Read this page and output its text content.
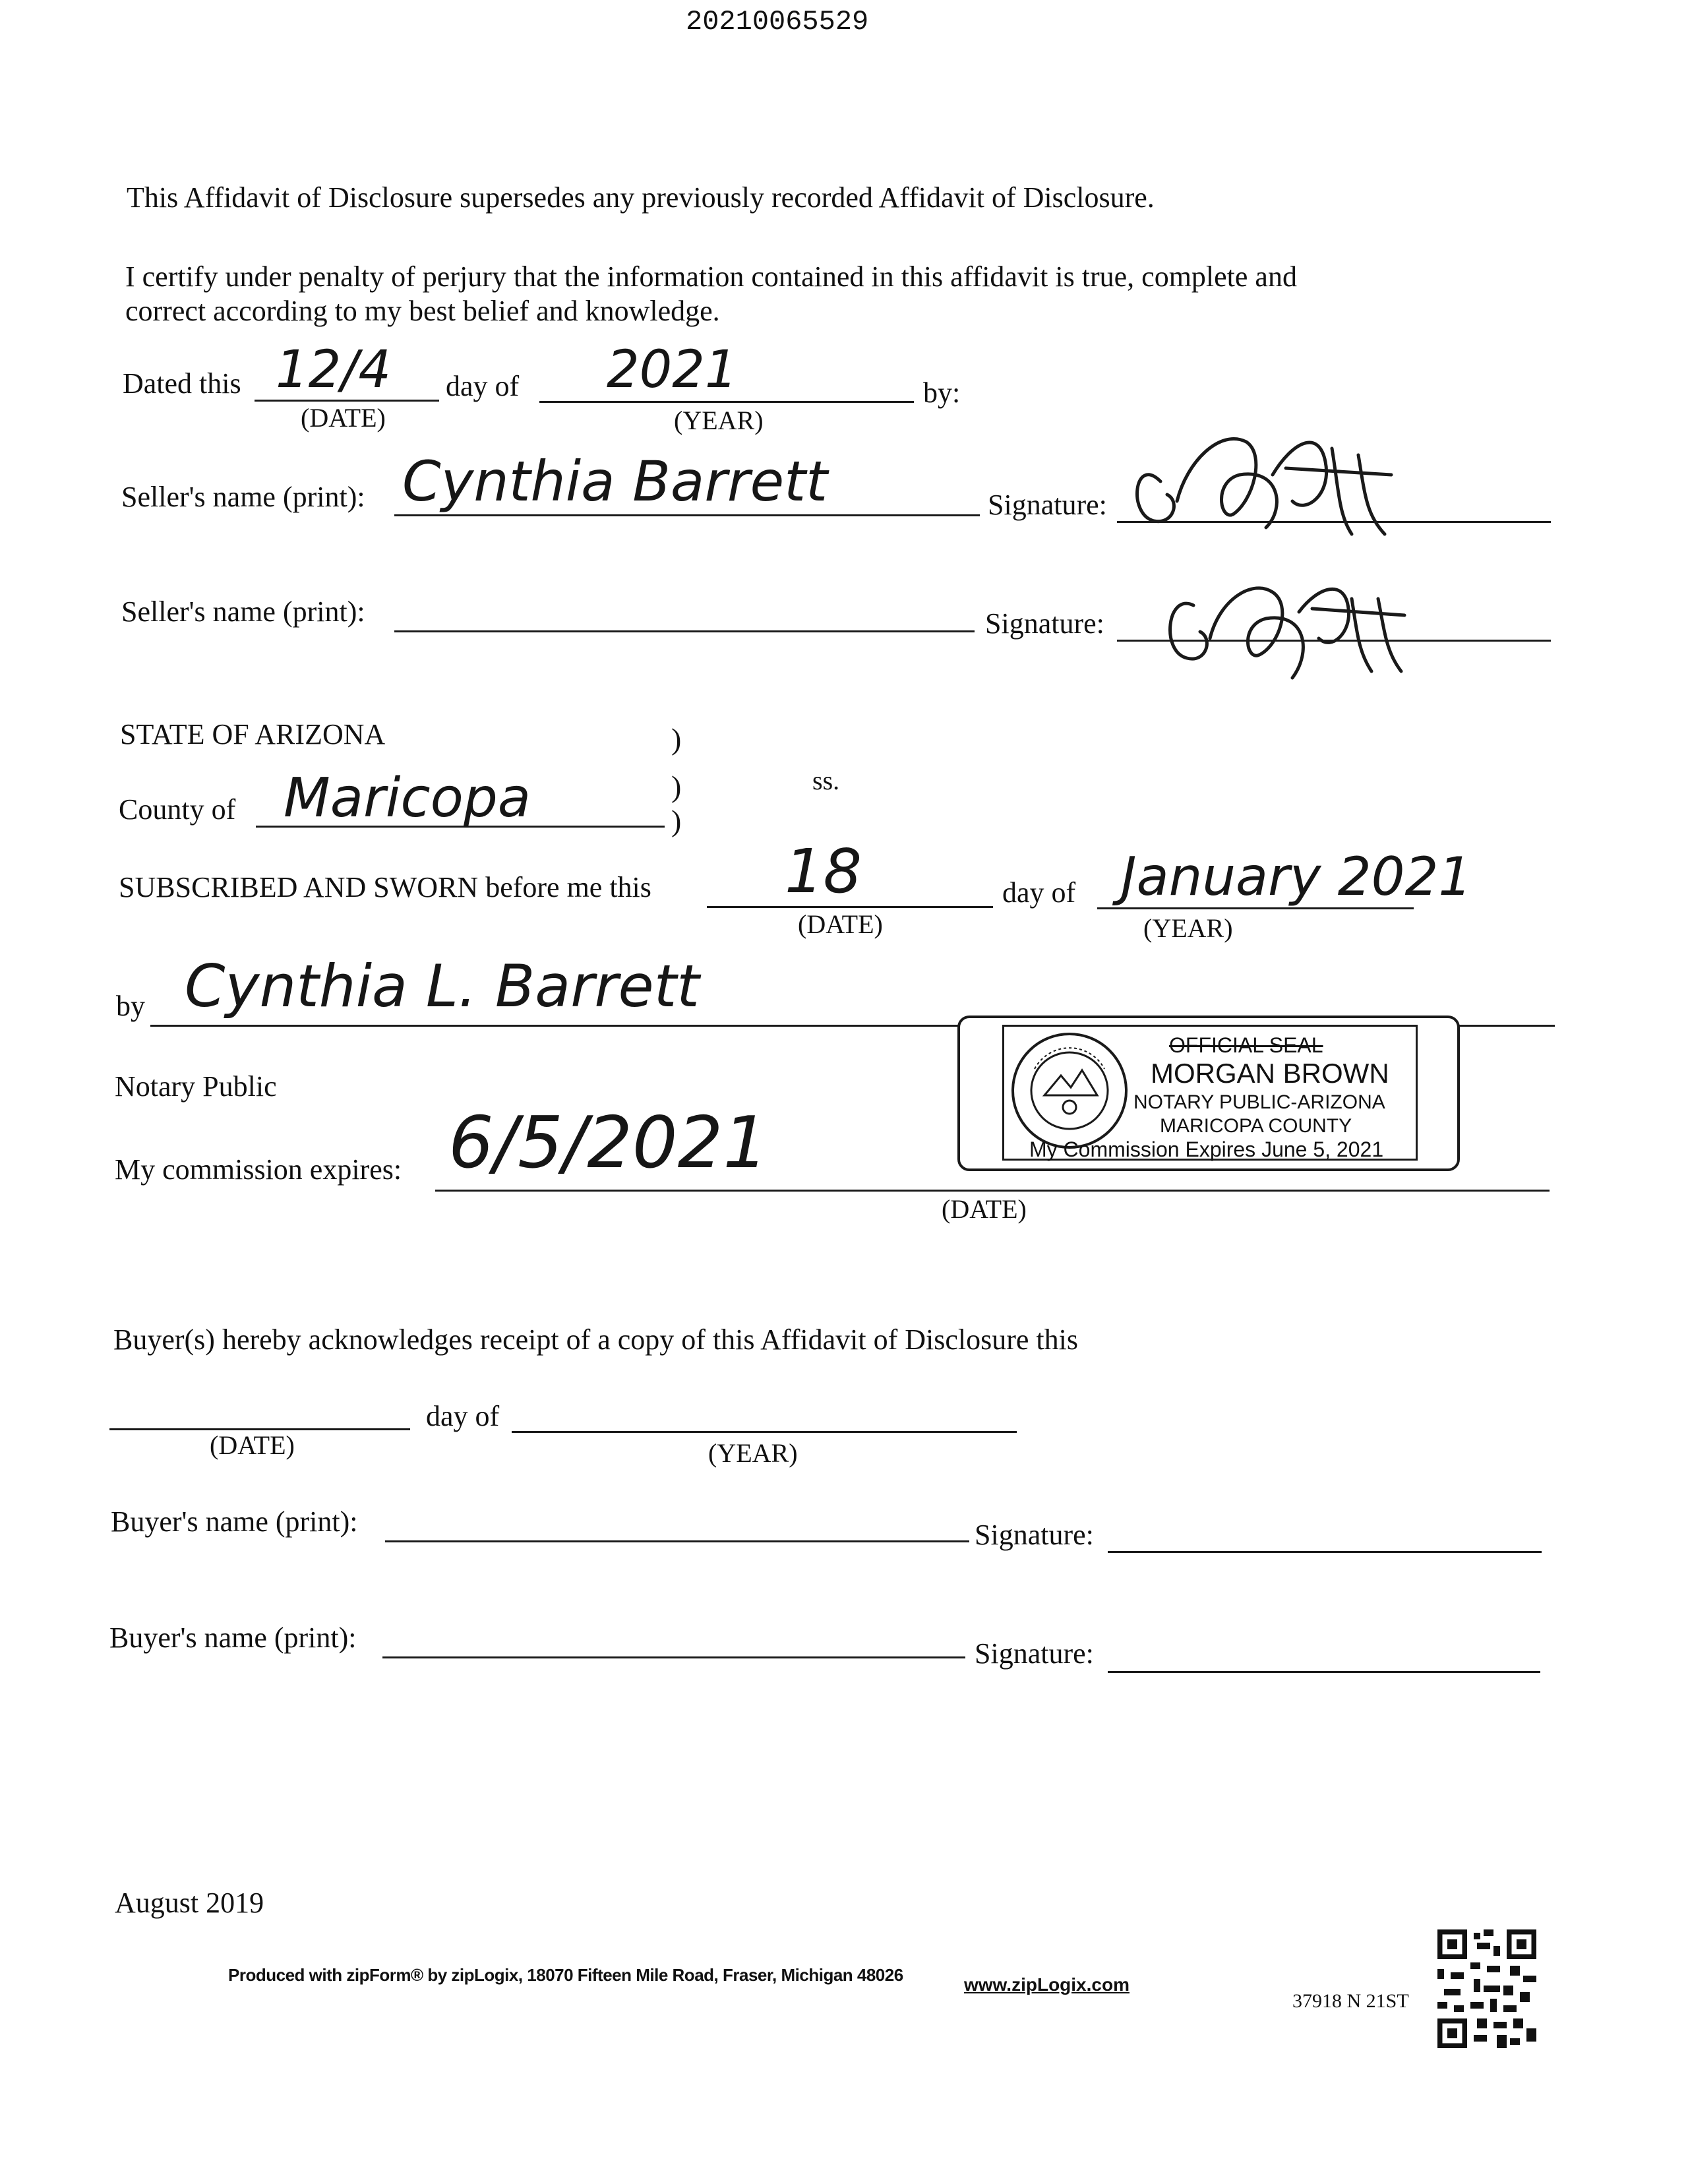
20210065529
This Affidavit of Disclosure supersedes any previously recorded Affidavit of Disclosure.
I certify under penalty of perjury that the information contained in this affidavit is true, complete and
correct according to my best belief and knowledge.
Dated this 12/4
(DATE)
day of 2021
(YEAR)
by:
Seller's name (print): Cynthia Barrett	Signature:
Seller's name (print):	Signature:
STATE OF ARIZONA	)
)
)
ss.
County of Maricopa
SUBSCRIBED AND SWORN before me this 18
(DATE)
day of January 2021
(YEAR)
by Cynthia L. Barrett
Notary Public
My commission expires: 6/5/2021
(DATE)
OFFICIAL SEAL
MORGAN BROWN
NOTARY PUBLIC-ARIZONA
MARICOPA COUNTY
My Commission Expires June 5, 2021
Buyer(s) hereby acknowledges receipt of a copy of this Affidavit of Disclosure this
day of
(DATE)	(YEAR)
Buyer's name (print):	Signature:
Buyer's name (print):	Signature:
August 2019
Produced with zipForm® by zipLogix, 18070 Fifteen Mile Road, Fraser, Michigan 48026	www.zipLogix.com
37918 N 21ST
